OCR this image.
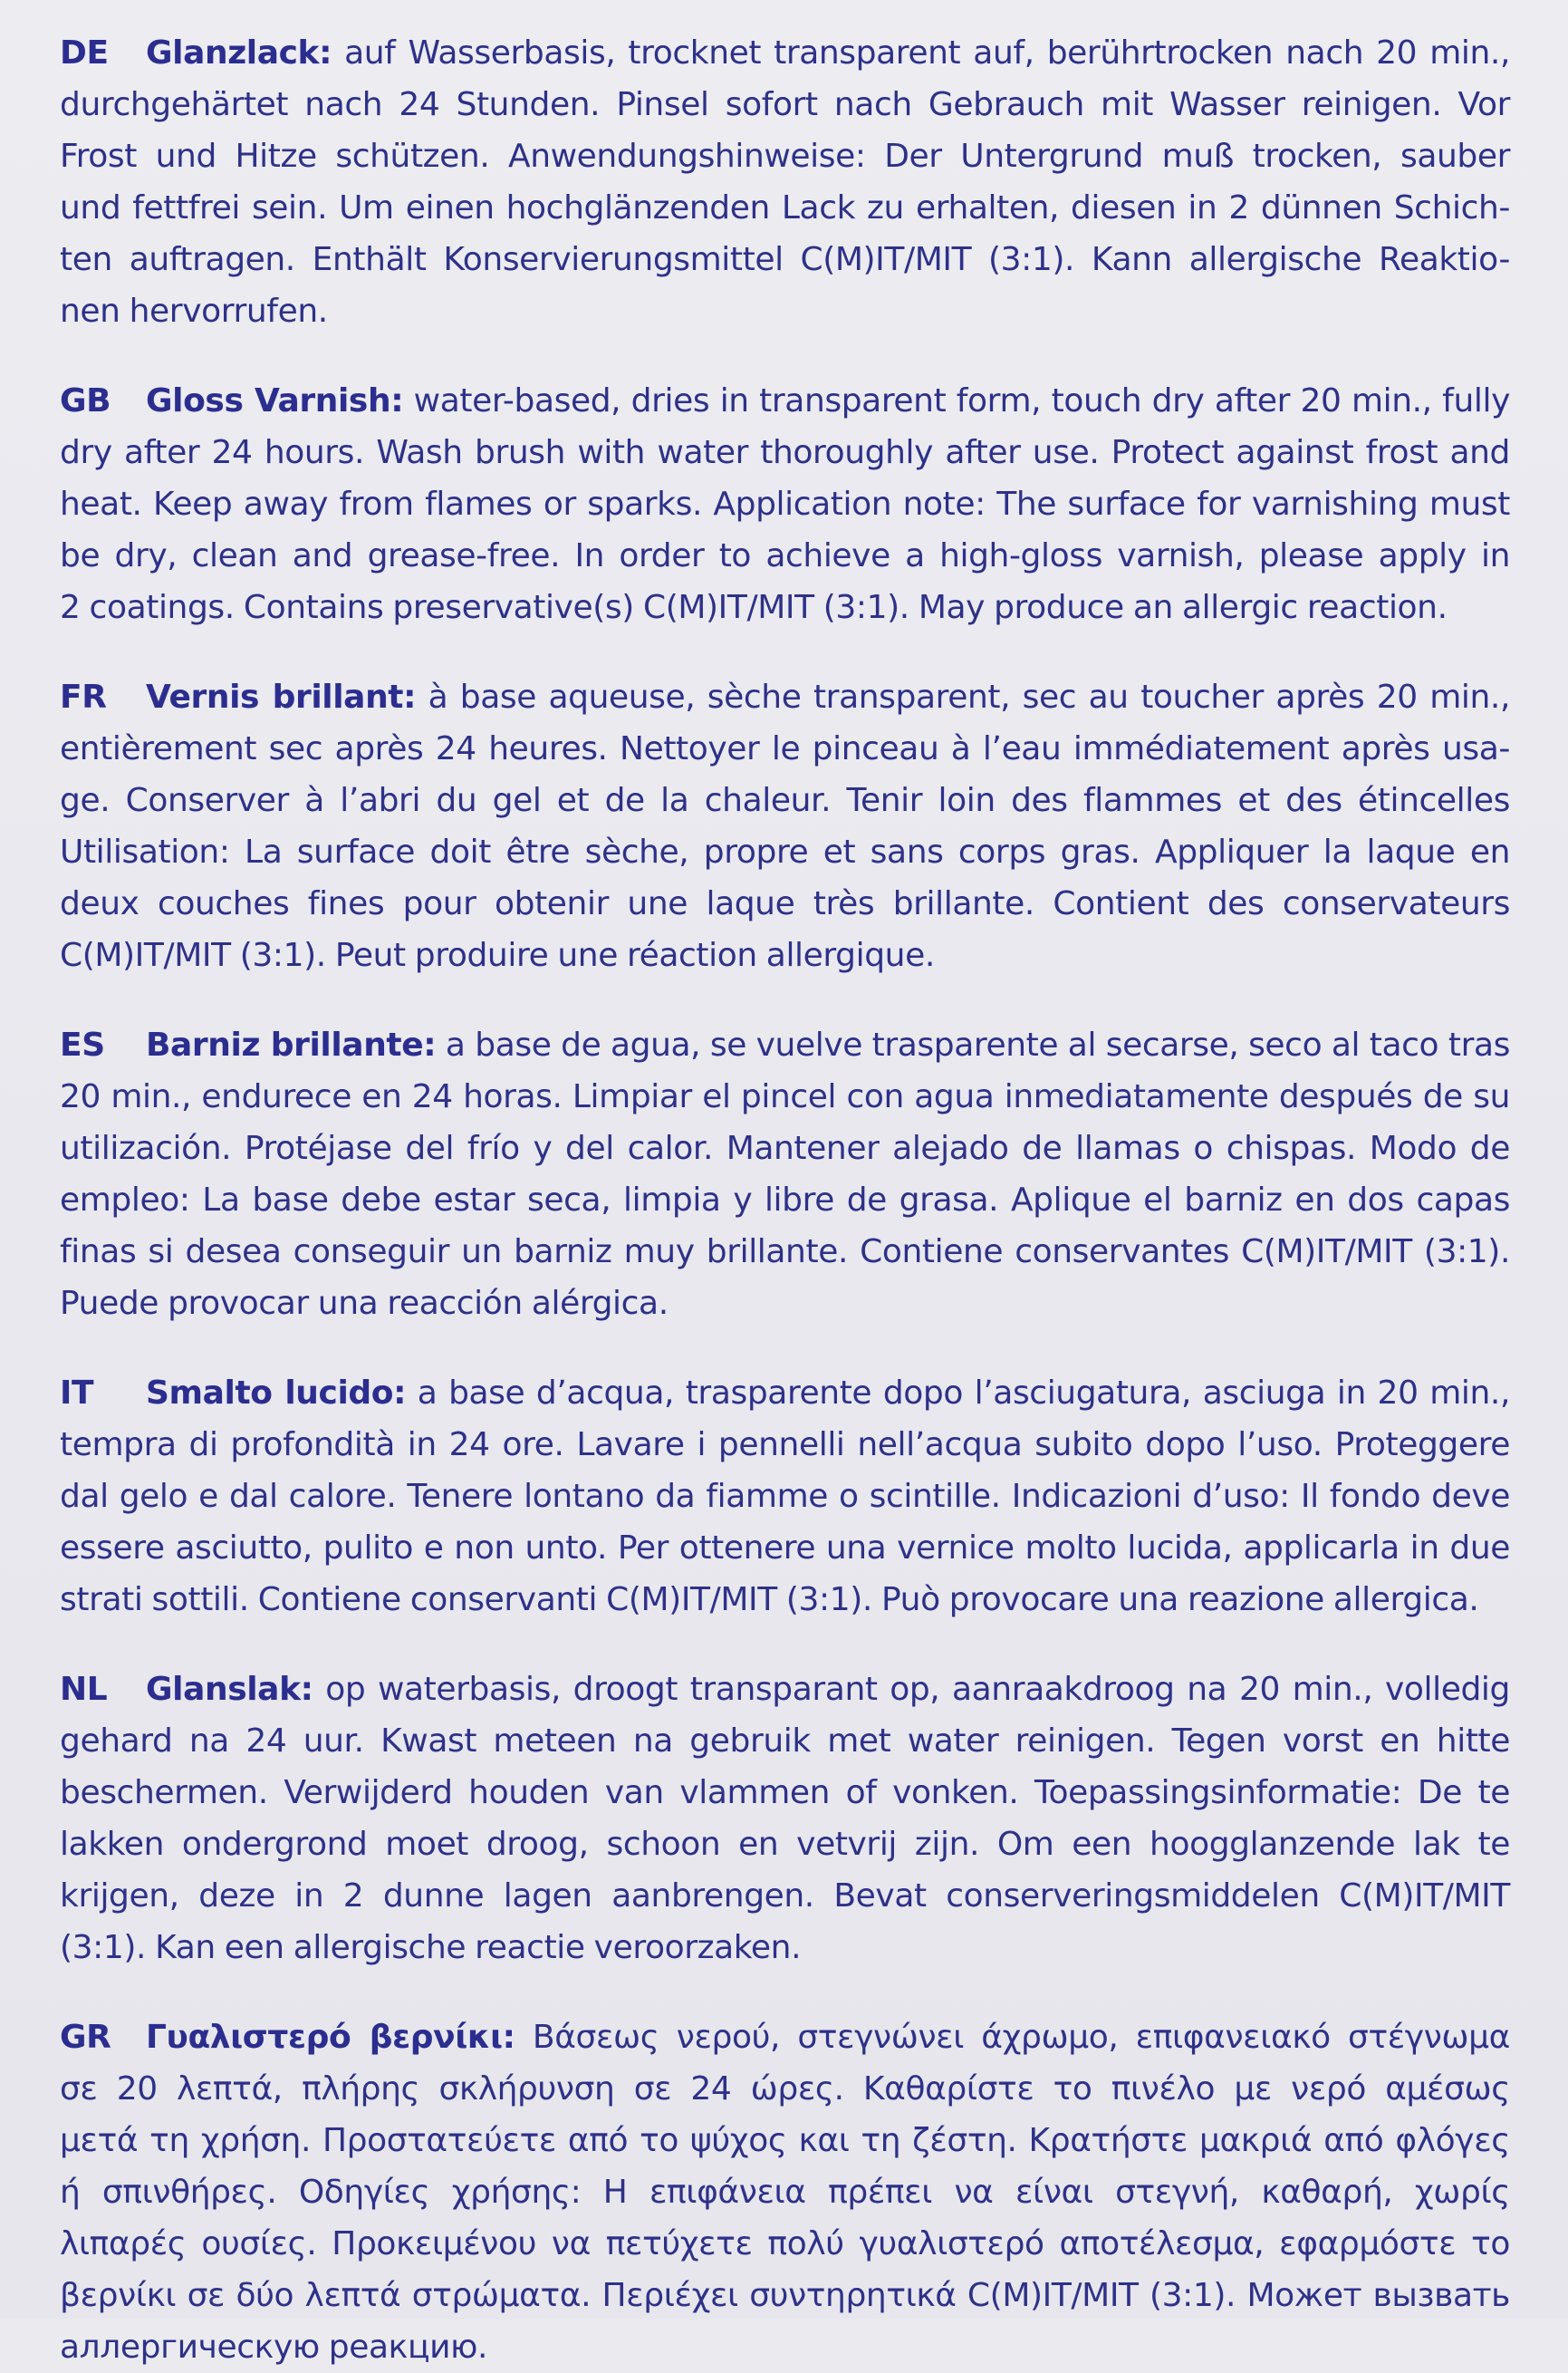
DE Glanzlack: auf Wasserbasis, trocknet transparent auf, berührtrocken nach 20 min.,
durchgehärtet nach 24 Stunden. Pinsel sofort nach Gebrauch mit Wasser reinigen. Vor
Frost und Hitze schützen. Anwendungshinweise: Der Untergrund muß trocken, sauber
und fettfrei sein. Um einen hochglänzenden Lack zu erhalten, diesen in 2 dünnen Schich-
ten auftragen. Enthält Konservierungsmittel C(M)IT/MIT (3:1). Kann allergische Reaktio-
nen hervorrufen.
GB Gloss Varnish: water-based, dries in transparent form, touch dry after 20 min., fully
dry after 24 hours. Wash brush with water thoroughly after use. Protect against frost and
heat. Keep away from flames or sparks. Application note: The surface for varnishing must
be dry, clean and grease-free. In order to achieve a high-gloss varnish, please apply in
2 coatings. Contains preservative(s) C(M)IT/MIT (3:1). May produce an allergic reaction.
FR Vernis brillant: à base aqueuse, sèche transparent, sec au toucher après 20 min.,
entièrement sec après 24 heures. Nettoyer le pinceau à l’eau immédiatement après usa-
ge. Conserver à l’abri du gel et de la chaleur. Tenir loin des flammes et des étincelles
Utilisation: La surface doit être sèche, propre et sans corps gras. Appliquer la laque en
deux couches fines pour obtenir une laque très brillante. Contient des conservateurs
C(M)IT/MIT (3:1). Peut produire une réaction allergique.
ES Barniz brillante: a base de agua, se vuelve trasparente al secarse, seco al taco tras
20 min., endurece en 24 horas. Limpiar el pincel con agua inmediatamente después de su
utilización. Protéjase del frío y del calor. Mantener alejado de llamas o chispas. Modo de
empleo: La base debe estar seca, limpia y libre de grasa. Aplique el barniz en dos capas
finas si desea conseguir un barniz muy brillante. Contiene conservantes C(M)IT/MIT (3:1).
Puede provocar una reacción alérgica.
IT Smalto lucido: a base d’acqua, trasparente dopo l’asciugatura, asciuga in 20 min.,
tempra di profondità in 24 ore. Lavare i pennelli nell’acqua subito dopo l’uso. Proteggere
dal gelo e dal calore. Tenere lontano da fiamme o scintille. Indicazioni d’uso: Il fondo deve
essere asciutto, pulito e non unto. Per ottenere una vernice molto lucida, applicarla in due
strati sottili. Contiene conservanti C(M)IT/MIT (3:1). Può provocare una reazione allergica.
NL Glanslak: op waterbasis, droogt transparant op, aanraakdroog na 20 min., volledig
gehard na 24 uur. Kwast meteen na gebruik met water reinigen. Tegen vorst en hitte
beschermen. Verwijderd houden van vlammen of vonken. Toepassingsinformatie: De te
lakken ondergrond moet droog, schoon en vetvrij zijn. Om een hoogglanzende lak te
krijgen, deze in 2 dunne lagen aanbrengen. Bevat conserveringsmiddelen C(M)IT/MIT
(3:1). Kan een allergische reactie veroorzaken.
GR Γυαλιστερό βερνίκι: Βάσεως νερού, στεγνώνει άχρωμο, επιφανειακό στέγνωμα
σε 20 λεπτά, πλήρης σκλήρυνση σε 24 ώρες. Καθαρίστε το πινέλο με νερό αμέσως
μετά τη χρήση. Προστατεύετε από το ψύχος και τη ζέστη. Κρατήστε μακριά από φλόγες
ή σπινθήρες. Οδηγίες χρήσης: Η επιφάνεια πρέπει να είναι στεγνή, καθαρή, χωρίς
λιπαρές ουσίες. Προκειμένου να πετύχετε πολύ γυαλιστερό αποτέλεσμα, εφαρμόστε το
βερνίκι σε δύο λεπτά στρώματα. Περιέχει συντηρητικά C(M)IT/MIT (3:1). Может вызвать
аллергическую реакцию.
